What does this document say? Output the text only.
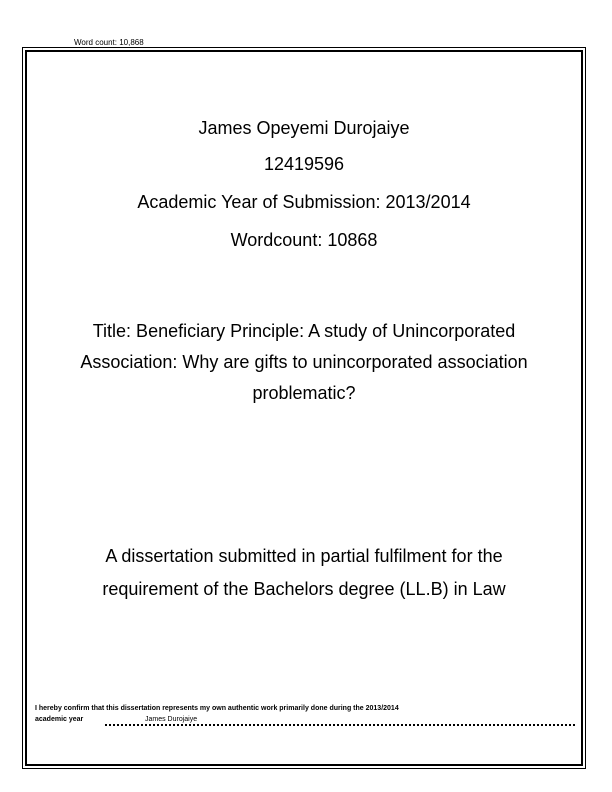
Word count: 10,868
James Opeyemi Durojaiye
12419596
Academic Year of Submission: 2013/2014
Wordcount: 10868
Title: Beneficiary Principle: A study of Unincorporated
Association: Why are gifts to unincorporated association
problematic?
A dissertation submitted in partial fulfilment for the
requirement of the Bachelors degree (LL.B) in Law
I hereby confirm that this dissertation represents my own authentic work primarily done during the 2013/2014
academic year	James Durojaiye
